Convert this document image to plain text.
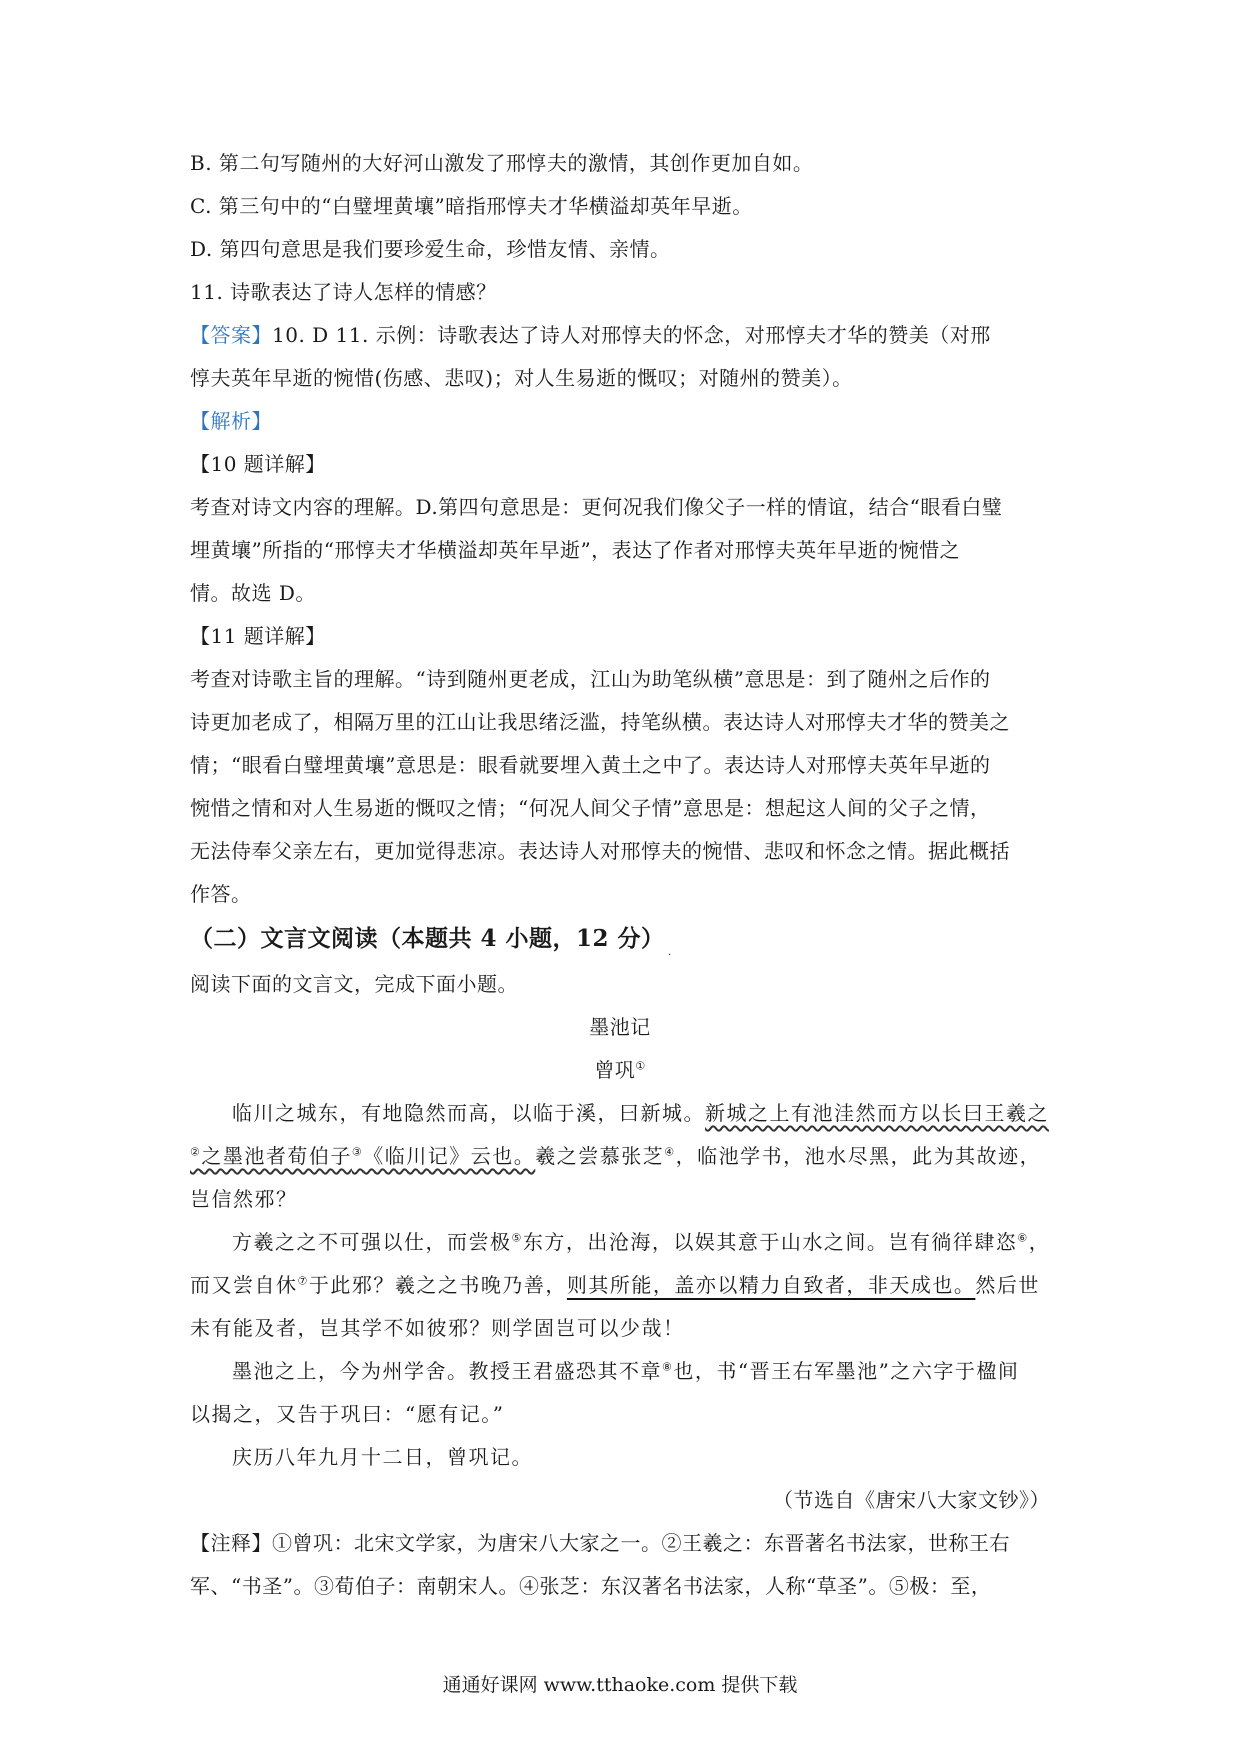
B. 第二句写随州的大好河山激发了邢惇夫的激情，其创作更加自如。
C. 第三句中的“白璧埋黄壤”暗指邢惇夫才华横溢却英年早逝。
D. 第四句意思是我们要珍爱生命，珍惜友情、亲情。
11. 诗歌表达了诗人怎样的情感？
【答案】10. D 11. 示例：诗歌表达了诗人对邢惇夫的怀念，对邢惇夫才华的赞美（对邢
惇夫英年早逝的惋惜(伤感、悲叹)；对人生易逝的慨叹；对随州的赞美）。
【解析】
【10 题详解】
考查对诗文内容的理解。D.第四句意思是：更何况我们像父子一样的情谊，结合“眼看白璧
埋黄壤”所指的“邢惇夫才华横溢却英年早逝”，表达了作者对邢惇夫英年早逝的惋惜之
情。故选 D。
【11 题详解】
考查对诗歌主旨的理解。“诗到随州更老成，江山为助笔纵横”意思是：到了随州之后作的
诗更加老成了，相隔万里的江山让我思绪泛滥，持笔纵横。表达诗人对邢惇夫才华的赞美之
情；“眼看白璧埋黄壤”意思是：眼看就要埋入黄土之中了。表达诗人对邢惇夫英年早逝的
惋惜之情和对人生易逝的慨叹之情；“何况人间父子情”意思是：想起这人间的父子之情，
无法侍奉父亲左右，更加觉得悲凉。表达诗人对邢惇夫的惋惜、悲叹和怀念之情。据此概括
作答。
（二）文言文阅读（本题共 4 小题，12 分）
.
阅读下面的文言文，完成下面小题。
墨池记
曾巩①
临川之城东，有地隐然而高，以临于溪，曰新城。新城之上有池洼然而方以长曰王羲之
②之墨池者荀伯子③《临川记》云也。羲之尝慕张芝④，临池学书，池水尽黑，此为其故迹，
岂信然邪？
方羲之之不可强以仕，而尝极⑤东方，出沧海，以娱其意于山水之间。岂有徜徉肆恣⑥，
而又尝自休⑦于此邪？羲之之书晚乃善，则其所能，盖亦以精力自致者，非天成也。然后世
未有能及者，岂其学不如彼邪？则学固岂可以少哉！
墨池之上，今为州学舍。教授王君盛恐其不章⑧也，书“晋王右军墨池”之六字于楹间
以揭之，又告于巩曰：“愿有记。”
庆历八年九月十二日，曾巩记。
（节选自《唐宋八大家文钞》）
【注释】①曾巩：北宋文学家，为唐宋八大家之一。②王羲之：东晋著名书法家，世称王右
军、“书圣”。③荀伯子：南朝宋人。④张芝：东汉著名书法家，人称“草圣”。⑤极：至，
通通好课网 www.tthaoke.com 提供下载
